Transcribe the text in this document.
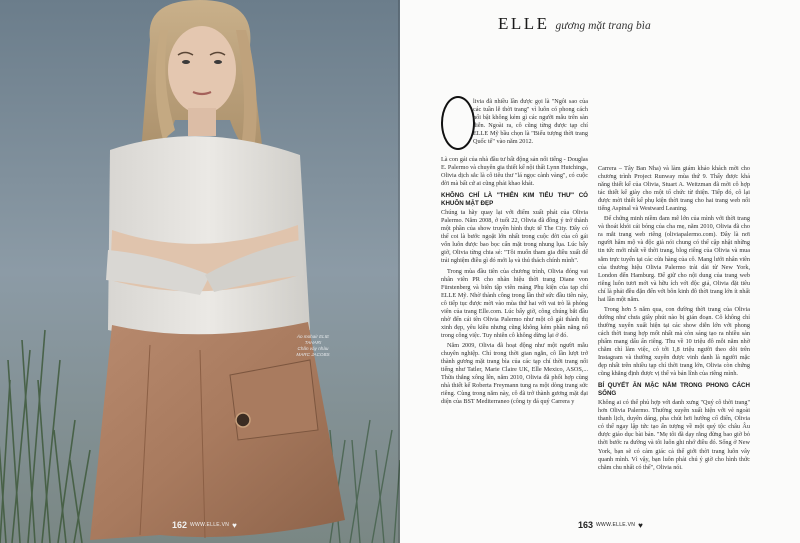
Áo mohair ELIE
TAHARI
Chân váy nhàu
MARC JACOBS
162 WWW.ELLE.VN ♥
ELLE gương mặt trang bìa

livia đã nhiều lần được gọi là "Ngôi sao của các tuần lễ thời trang" vì luôn có phong cách nổi bật không kém gì các người mẫu trên sàn diễn. Ngoài ra, cô cũng từng được tạp chí ELLE Mỹ bầu chọn là "Biểu tượng thời trang Quốc tế" vào năm 2012.

Là con gái của nhà đầu tư bất động sản nổi tiếng - Douglas E. Palermo và chuyên gia thiết kế nội thất Lynn Hutchings, Olivia dịch sắc là cô tiêu thư "lá ngọc cành vàng", có cuộc đời mà bất cứ ai cũng phải khao khát.

KHÔNG CHỈ LÀ "THIÊN KIM TIỂU THƯ" CÓ KHUÔN MẶT ĐẸP

Chúng ta hãy quay lại với điểm xuất phát của Olivia Palermo. Năm 2008, ở tuổi 22, Olivia đã đồng ý trở thành một phần của show truyền hình thực tế The City. Đây có thể coi là bước ngoặt lớn nhất trong cuộc đời của cô gái vốn luôn được bao bọc cẩn mặt trong nhung lụa. Lúc bấy giờ, Olivia từng chia sẻ: "Tôi muốn tham gia điều xuất để trải nghiệm điều gì đó mới lạ và thú thách chính mình".

Trong mùa đầu tiên của chương trình, Olivia đóng vai nhân viên PR cho nhãn hiệu thời trang Diane von Fürstenberg và biên tập viên mảng Phụ kiện của tạp chí ELLE Mỹ. Nhờ thành công trong lần thử sức đầu tiên này, cô tiếp tục được mời vào mùa thứ hai với vai trò là phóng viên của trang Elle.com. Lúc bấy giờ, công chúng bắt đầu nhờ đến cái tên Olivia Palermo như một cô gái thành thị xinh đẹp, yêu kiều nhưng cũng không kém phần năng nổ trong công việc. Tuy nhiên cô không dừng lại ở đó.

Năm 2009, Olivia đã hoạt động như một người mẫu chuyên nghiệp. Chỉ trong thời gian ngắn, cô lần lượt trở thành gương mặt trang bìa của các tạp chí thời trang nổi tiếng như Tatler, Marie Claire UK, Elle Mexico, ASOS,... Thừa thắng xông lên, năm 2010, Olivia đã phối hợp cùng nhà thiết kế Roberta Freymann tung ra một dòng trang sức riêng. Cùng trong năm này, cô đã trở thành gương mặt đại diện của BST Mediterraneo (công ty đá quý Carrera y

Carrera – Tây Ban Nha) và làm giám khảo khách mời cho chương trình Project Runway mùa thứ 9. Thấy được khả năng thiết kế của Olivia, Stuart A. Weitzman đã mời cô hợp tác thiết kế giày cho một tổ chức từ thiện. Tiếp đó, cô lại được mời thiết kế phụ kiện thời trang cho hai trang web nổi tiếng Aspinal và Westward Leaning.

Để chứng minh niềm đam mê lớn của mình với thời trang và thoát khỏi cái bóng của cha mẹ, năm 2010, Olivia đã cho ra mắt trang web riêng (oliviapalermo.com). Đây là nơi người hâm mộ và độc giả nói chung có thể cập nhật những tin tức mới nhất về thời trang, blog riêng của Olivia và mua sắm trực tuyến tại các cửa hàng của cô. Mang lưới nhân viên của thương hiệu Olivia Palermo trải dài từ New York, London đến Hamburg. Để giữ cho nội dung của trang web riêng luôn tươi mới và hữu ích với độc giả, Olivia đặt tiêu chí là phải đều đặn đến với bôn kinh đô thời trang lớn ít nhất hai lần một năm.

Trong hơn 5 năm qua, con đường thời trang của Olivia dường như chưa giây phút nào bị gián đoạn. Cô không chỉ thường xuyên xuất hiện tại các show diễn lớn với phong cách thời trang hợp mốt nhất mà còn sáng tạo ra nhiều sản phẩm mang dấu ấn riêng. Thu về 10 triệu đô mỗi năm nhờ chăm chỉ làm việc, có tới 1,8 triệu người theo dõi trên Instagram và thường xuyên được vinh danh là người mặc đẹp nhất trên nhiều tạp chí thời trang lớn, Olivia còn chứng cũng khẳng định được vị thế và bản lĩnh của riêng mình.

BÍ QUYẾT ĂN MẶC NẰM TRONG PHONG CÁCH SỐNG

Không ai có thể phủ hợp với danh xưng "Quý cô thời trang" hơn Olivia Palermo. Thường xuyên xuất hiện với vẻ ngoài thanh lịch, duyên dáng, pha chút hơi hướng cổ điển, Olivia có thể ngay lập tức tạo ấn tượng về một quý tộc châu Âu được giáo dục bài bản. "Mẹ tôi đã dạy rằng đừng bao giờ bỏ thời bước ra đường và tôi luôn ghi nhớ điều đó. Sống ở New York, bạn sẽ có cảm giác cả thế giới thời trang luôn vây quanh mình. Vì vậy, bạn luôn phải chú ý giờ cho hình thức chăm chu nhất có thể", Olivia nói.

163 WWW.ELLE.VN ♥
